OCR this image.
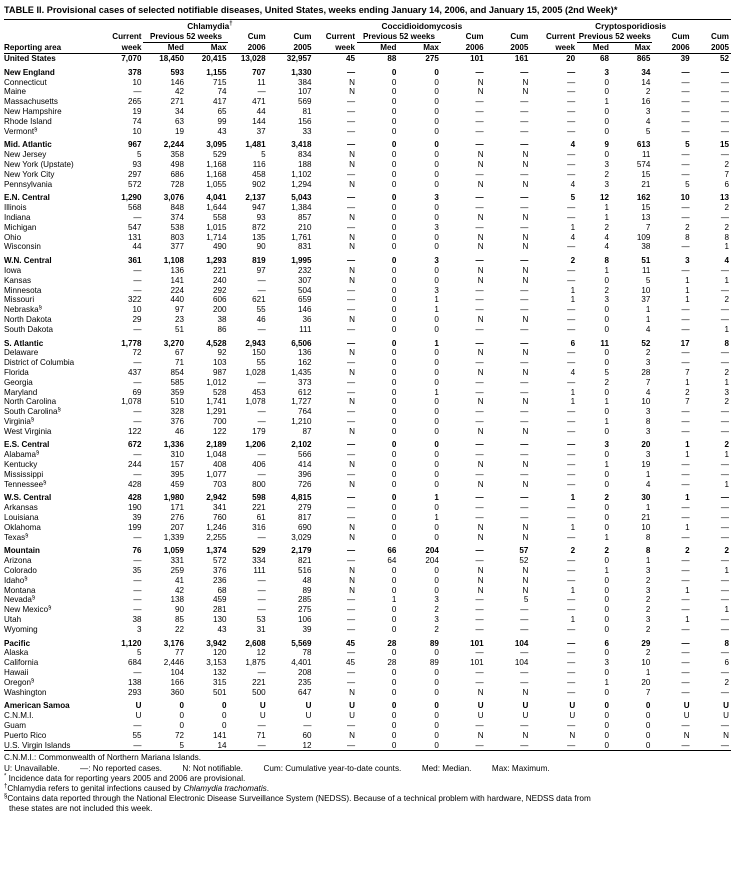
TABLE II. Provisional cases of selected notifiable diseases, United States, weeks ending January 14, 2006, and January 15, 2005 (2nd Week)*
	Chlamydia†					Coccidioidomycosis					Cryptosporidiosis				
	Current	Previous 52 weeks		Cum	Cum	Current	Previous 52 weeks		Cum	Cum	Current	Previous 52 weeks		Cum	Cum
Reporting area	week	Med	Max	2006	2005	week	Med	Max	2006	2005	week	Med	Max	2006	2005
United States	7,070	18,450	20,415	13,028	32,957	45	88	275	101	161	20	68	865	39	52
New England	378	593	1,155	707	1,330	—	0	0	—	—	—	3	34	—	—
Connecticut	10	146	715	11	384	N	0	0	N	N	—	0	14	—	—
Maine	—	42	74	—	107	N	0	0	N	N	—	0	2	—	—
Massachusetts	265	271	417	471	569	—	0	0	—	—	—	1	16	—	—
New Hampshire	19	34	65	44	81	—	0	0	—	—	—	0	3	—	—
Rhode Island	74	63	99	144	156	—	0	0	—	—	—	0	4	—	—
Vermont§	10	19	43	37	33	—	0	0	—	—	—	0	5	—	—
Mid. Atlantic	967	2,244	3,095	1,481	3,418	—	0	0	—	—	4	9	613	5	15
New Jersey	5	358	529	5	834	N	0	0	N	N	—	0	11	—	—
New York (Upstate)	93	498	1,168	116	188	N	0	0	N	N	—	3	574	—	2
New York City	297	686	1,168	458	1,102	—	0	0	—	—	—	2	15	—	7
Pennsylvania	572	728	1,055	902	1,294	N	0	0	N	N	4	3	21	5	6
E.N. Central	1,290	3,076	4,041	2,137	5,043	—	0	3	—	—	5	12	162	10	13
Illinois	568	848	1,644	947	1,384	—	0	0	—	—	—	1	15	—	2
Indiana	—	374	558	93	857	N	0	0	N	N	—	1	13	—	—
Michigan	547	538	1,015	872	210	—	0	3	—	—	1	2	7	2	2
Ohio	131	803	1,714	135	1,761	N	0	0	N	N	4	4	109	8	8
Wisconsin	44	377	490	90	831	N	0	0	N	N	—	4	38	—	1
W.N. Central	361	1,108	1,293	819	1,995	—	0	3	—	—	2	8	51	3	4
Iowa	—	136	221	97	232	N	0	0	N	N	—	1	11	—	—
Kansas	—	141	240	—	307	N	0	0	N	N	—	0	5	1	1
Minnesota	—	224	292	—	504	—	0	3	—	—	1	2	10	1	—
Missouri	322	440	606	621	659	—	0	1	—	—	1	3	37	1	2
Nebraska§	10	97	200	55	146	—	0	1	—	—	—	0	1	—	—
North Dakota	29	23	38	46	36	N	0	0	N	N	—	0	1	—	—
South Dakota	—	51	86	—	111	—	0	0	—	—	—	0	4	—	1
S. Atlantic	1,778	3,270	4,528	2,943	6,506	—	0	1	—	—	6	11	52	17	8
Delaware	72	67	92	150	136	N	0	0	N	N	—	0	2	—	—
District of Columbia	—	71	103	55	162	—	0	0	—	—	—	0	3	—	—
Florida	437	854	987	1,028	1,435	N	0	0	N	N	4	5	28	7	2
Georgia	—	585	1,012	—	373	—	0	0	—	—	—	2	7	1	1
Maryland	69	359	528	453	612	—	0	1	—	—	1	0	4	2	3
North Carolina	1,078	510	1,741	1,078	1,727	N	0	0	N	N	1	1	10	7	2
South Carolina§	—	328	1,291	—	764	—	0	0	—	—	—	0	3	—	—
Virginia§	—	376	700	—	1,210	—	0	0	—	—	—	1	8	—	—
West Virginia	122	46	122	179	87	N	0	0	N	N	—	0	3	—	—
E.S. Central	672	1,336	2,189	1,206	2,102	—	0	0	—	—	—	3	20	1	2
Alabama§	—	310	1,048	—	566	—	0	0	—	—	—	0	3	1	1
Kentucky	244	157	408	406	414	N	0	0	N	N	—	1	19	—	—
Mississippi	—	395	1,077	—	396	—	0	0	—	—	—	0	1	—	—
Tennessee§	428	459	703	800	726	N	0	0	N	N	—	0	4	—	1
W.S. Central	428	1,980	2,942	598	4,815	—	0	1	—	—	1	2	30	1	—
Arkansas	190	171	341	221	279	—	0	0	—	—	—	0	1	—	—
Louisiana	39	276	760	61	817	—	0	1	—	—	—	0	21	—	—
Oklahoma	199	207	1,246	316	690	N	0	0	N	N	1	0	10	1	—
Texas§	—	1,339	2,255	—	3,029	N	0	0	N	N	—	1	8	—	—
Mountain	76	1,059	1,374	529	2,179	—	66	204	—	57	2	2	8	2	2
Arizona	—	331	572	334	821	—	64	204	—	52	—	0	1	—	—
Colorado	35	259	376	111	516	N	0	0	N	N	—	1	3	—	1
Idaho§	—	41	236	—	48	N	0	0	N	N	—	0	2	—	—
Montana	—	42	68	—	89	N	0	0	N	N	1	0	3	1	—
Nevada§	—	138	459	—	285	—	1	3	—	5	—	0	2	—	—
New Mexico§	—	90	281	—	275	—	0	2	—	—	—	0	2	—	1
Utah	38	85	130	53	106	—	0	3	—	—	1	0	3	1	—
Wyoming	3	22	43	31	39	—	0	2	—	—	—	0	2	—	—
Pacific	1,120	3,176	3,942	2,608	5,569	45	28	89	101	104	—	6	29	—	8
Alaska	5	77	120	12	78	—	0	0	—	—	—	0	2	—	—
California	684	2,446	3,153	1,875	4,401	45	28	89	101	104	—	3	10	—	6
Hawaii	—	104	132	—	208	—	0	0	—	—	—	0	1	—	—
Oregon§	138	166	315	221	235	—	0	0	—	—	—	1	20	—	2
Washington	293	360	501	500	647	N	0	0	N	N	—	0	7	—	—
American Samoa	U	0	0	U	U	U	0	0	U	U	U	0	0	U	U
C.N.M.I.	U	0	0	U	U	U	0	0	U	U	U	0	0	U	U
Guam	—	0	0	—	—	—	0	0	—	—	—	0	0	—	—
Puerto Rico	55	72	141	71	60	N	0	0	N	N	N	0	0	N	N
U.S. Virgin Islands	—	5	14	—	12	—	0	0	—	—	—	0	0	—	—
C.N.M.I.: Commonwealth of Northern Mariana Islands.
U: Unavailable. —: No reported cases. N: Not notifiable. Cum: Cumulative year-to-date counts. Med: Median. Max: Maximum.
* Incidence data for reporting years 2005 and 2006 are provisional.
†Chlamydia refers to genital infections caused by Chlamydia trachomatis.
§Contains data reported through the National Electronic Disease Surveillance System (NEDSS). Because of a technical problem with hardware, NEDSS data from
these states are not included this week.
